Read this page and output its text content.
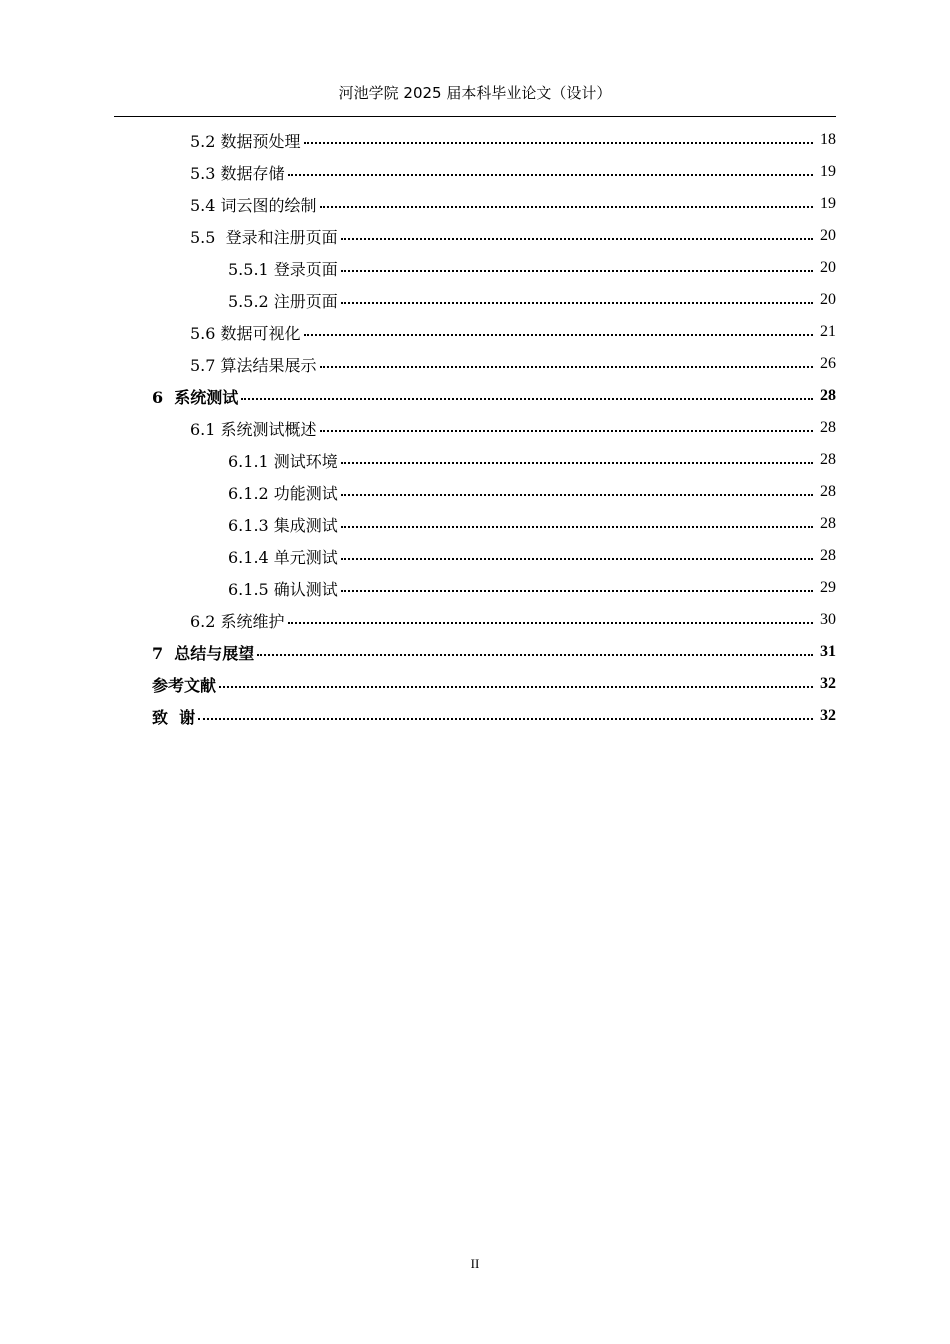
河池学院 2025 届本科毕业论文（设计）
5.2 数据预处理	18
5.3 数据存储	19
5.4 词云图的绘制	19
5.5  登录和注册页面	20
5.5.1 登录页面	20
5.5.2 注册页面	20
5.6 数据可视化	21
5.7 算法结果展示	26
6  系统测试	28
6.1 系统测试概述	28
6.1.1 测试环境	28
6.1.2 功能测试	28
6.1.3 集成测试	28
6.1.4 单元测试	28
6.1.5 确认测试	29
6.2 系统维护	30
7  总结与展望	31
参考文献	32
致  谢	32
II
